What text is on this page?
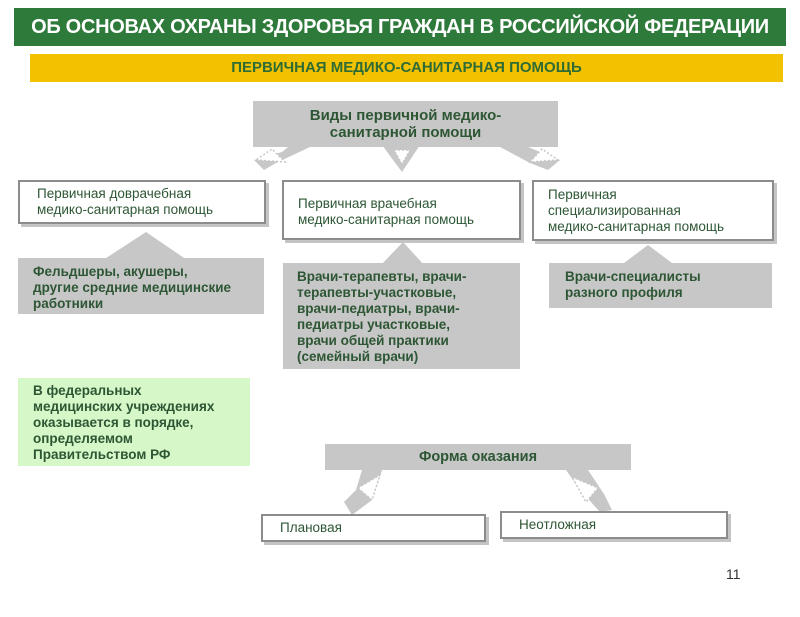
ОБ ОСНОВАХ ОХРАНЫ ЗДОРОВЬЯ ГРАЖДАН В РОССИЙСКОЙ ФЕДЕРАЦИИ
ПЕРВИЧНАЯ МЕДИКО-САНИТАРНАЯ ПОМОЩЬ
Виды первичной медико-
санитарной помощи
Первичная доврачебная
медико-санитарная помощь	Первичная врачебная
медико-санитарная помощь
Первичная
специализированная
медико-санитарная помощь
Фельдшеры, акушеры,
другие средние медицинские
работники
Врачи-терапевты, врачи-
терапевты-участковые,
врачи-педиатры, врачи-
педиатры участковые,
врачи общей практики
(семейный врачи)
Врачи-специалисты
разного профиля
В федеральных
медицинских учреждениях
оказывается в порядке,
определяемом
Правительством РФ	Форма оказания
Плановая	Неотложная
11
